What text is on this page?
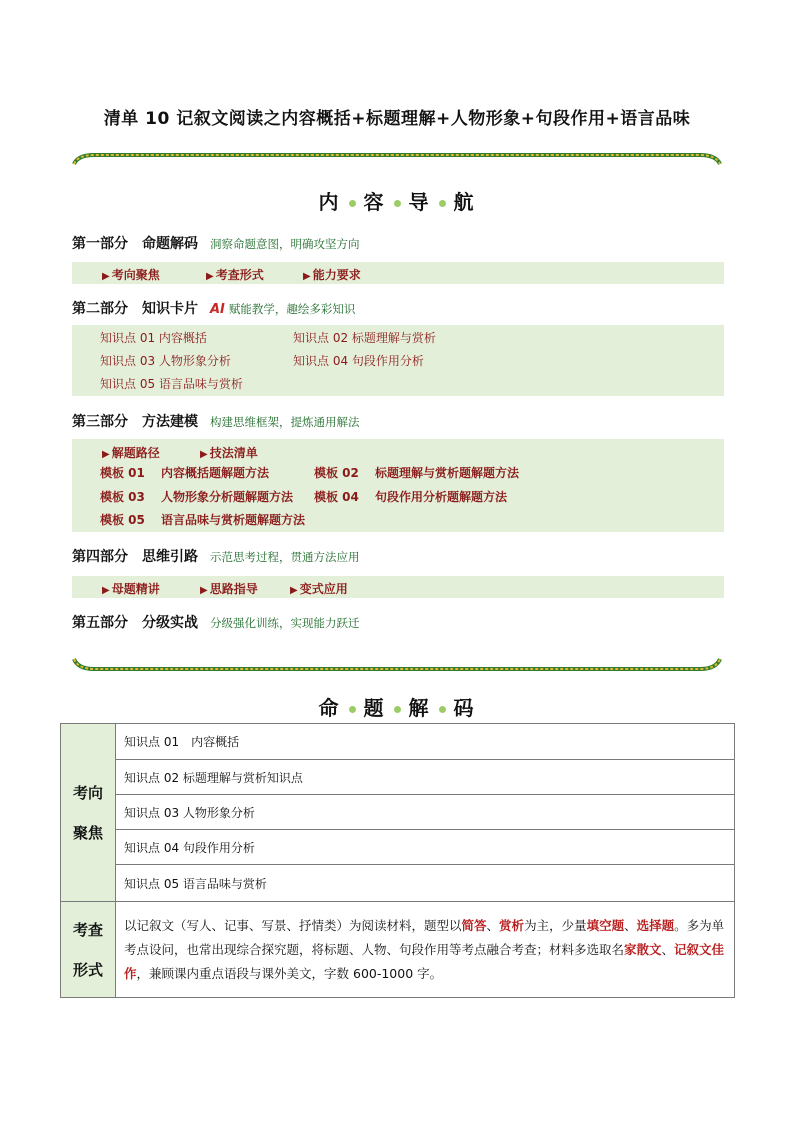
清单 10 记叙文阅读之内容概括+标题理解+人物形象+句段作用+语言品味
内 容 导 航
第一部分 命题解码 洞察命题意图，明确攻坚方向
▶ 考向聚焦	▶ 考查形式	▶ 能力要求
第二部分 知识卡片 AI 赋能教学，趣绘多彩知识
知识点 01 内容概括	知识点 02 标题理解与赏析
知识点 03 人物形象分析	知识点 04 句段作用分析
知识点 05 语言品味与赏析
第三部分 方法建模 构建思维框架，提炼通用解法
▶ 解题路径	▶ 技法清单
模板 01　 内容概括题解题方法	模板 02　 标题理解与赏析题解题方法
模板 03　 人物形象分析题解题方法 模板 04　 句段作用分析题解题方法
模板 05　 语言品味与赏析题解题方法
第四部分 思维引路 示范思考过程，贯通方法应用
▶ 母题精讲	▶ 思路指导	▶ 变式应用
第五部分 分级实战 分级强化训练，实现能力跃迁
命 题 解 码
考向
聚焦	知识点 01　内容概括
	知识点 02 标题理解与赏析知识点
	知识点 03 人物形象分析
	知识点 04 句段作用分析
	知识点 05 语言品味与赏析

考查
形式	以记叙文（写人、记事、写景、抒情类）为阅读材料，题型以简答、赏析为主，少量填空题、选择题。多为单考点设问，也常出现综合探究题，将标题、人物、句段作用等考点融合考查；材料多选取名家散文、记叙文佳作，兼顾课内重点语段与课外美文，字数 600-1000 字。
